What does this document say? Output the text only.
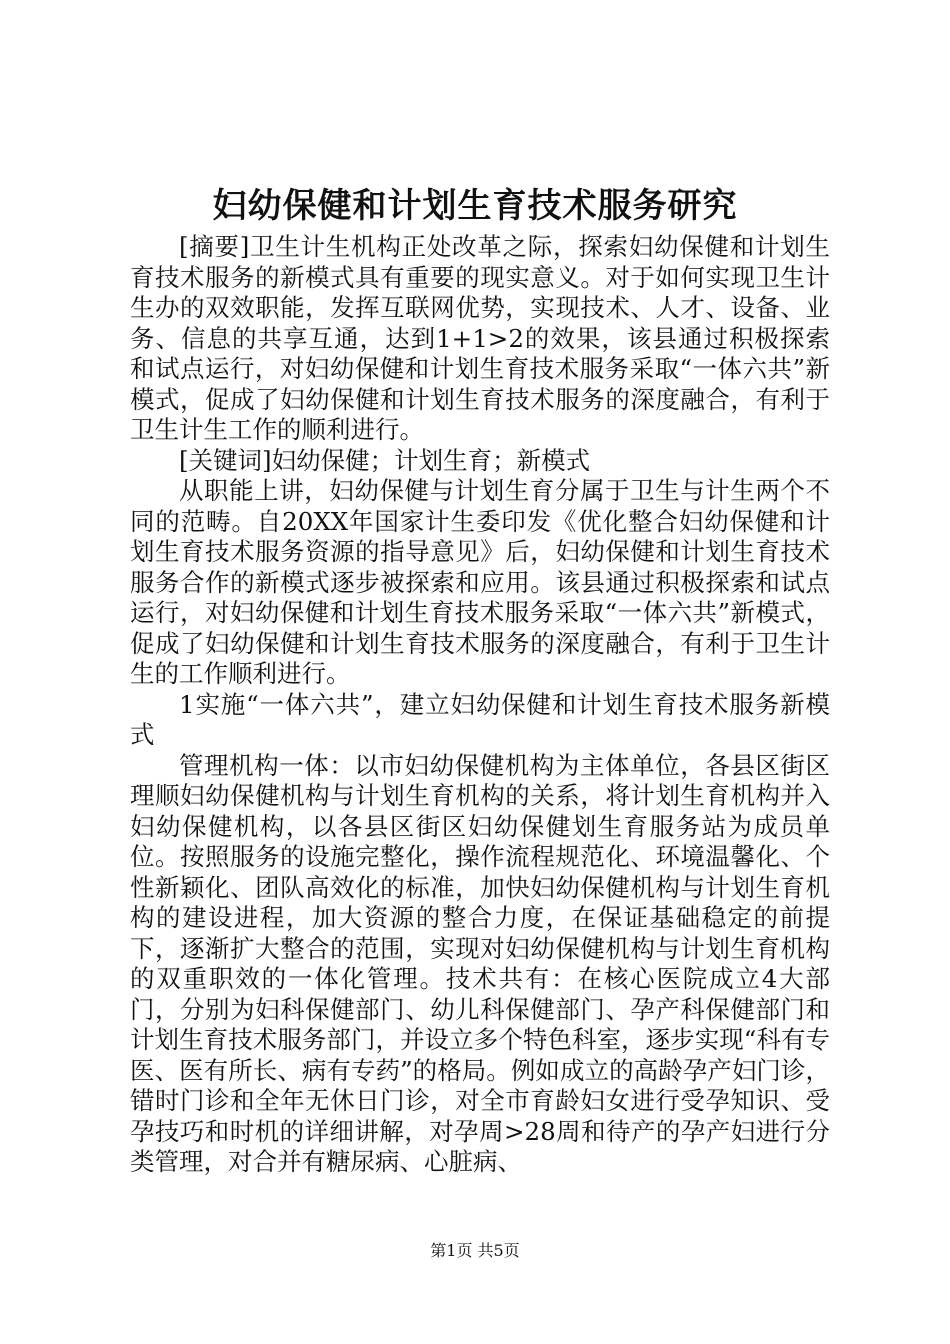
妇幼保健和计划生育技术服务研究

[摘要]卫生计生机构正处改革之际，探索妇幼保健和计划生育技术服务的新模式具有重要的现实意义。对于如何实现卫生计生办的双效职能，发挥互联网优势，实现技术、人才、设备、业务、信息的共享互通，达到1+1>2的效果，该县通过积极探索和试点运行，对妇幼保健和计划生育技术服务采取“一体六共”新模式，促成了妇幼保健和计划生育技术服务的深度融合，有利于卫生计生工作的顺利进行。

[关键词]妇幼保健；计划生育；新模式

从职能上讲，妇幼保健与计划生育分属于卫生与计生两个不同的范畴。自20XX年国家计生委印发《优化整合妇幼保健和计划生育技术服务资源的指导意见》后，妇幼保健和计划生育技术服务合作的新模式逐步被探索和应用。该县通过积极探索和试点运行，对妇幼保健和计划生育技术服务采取“一体六共”新模式，促成了妇幼保健和计划生育技术服务的深度融合，有利于卫生计生的工作顺利进行。

1实施“一体六共”，建立妇幼保健和计划生育技术服务新模式

管理机构一体：以市妇幼保健机构为主体单位，各县区街区理顺妇幼保健机构与计划生育机构的关系，将计划生育机构并入妇幼保健机构，以各县区街区妇幼保健划生育服务站为成员单位。按照服务的设施完整化，操作流程规范化、环境温馨化、个性新颖化、团队高效化的标准，加快妇幼保健机构与计划生育机构的建设进程，加大资源的整合力度，在保证基础稳定的前提下，逐渐扩大整合的范围，实现对妇幼保健机构与计划生育机构的双重职效的一体化管理。技术共有：在核心医院成立4大部门，分别为妇科保健部门、幼儿科保健部门、孕产科保健部门和计划生育技术服务部门，并设立多个特色科室，逐步实现“科有专医、医有所长、病有专药”的格局。例如成立的高龄孕产妇门诊，错时门诊和全年无休日门诊，对全市育龄妇女进行受孕知识、受孕技巧和时机的详细讲解，对孕周>28周和待产的孕产妇进行分类管理，对合并有糖尿病、心脏病、

第1页 共5页
